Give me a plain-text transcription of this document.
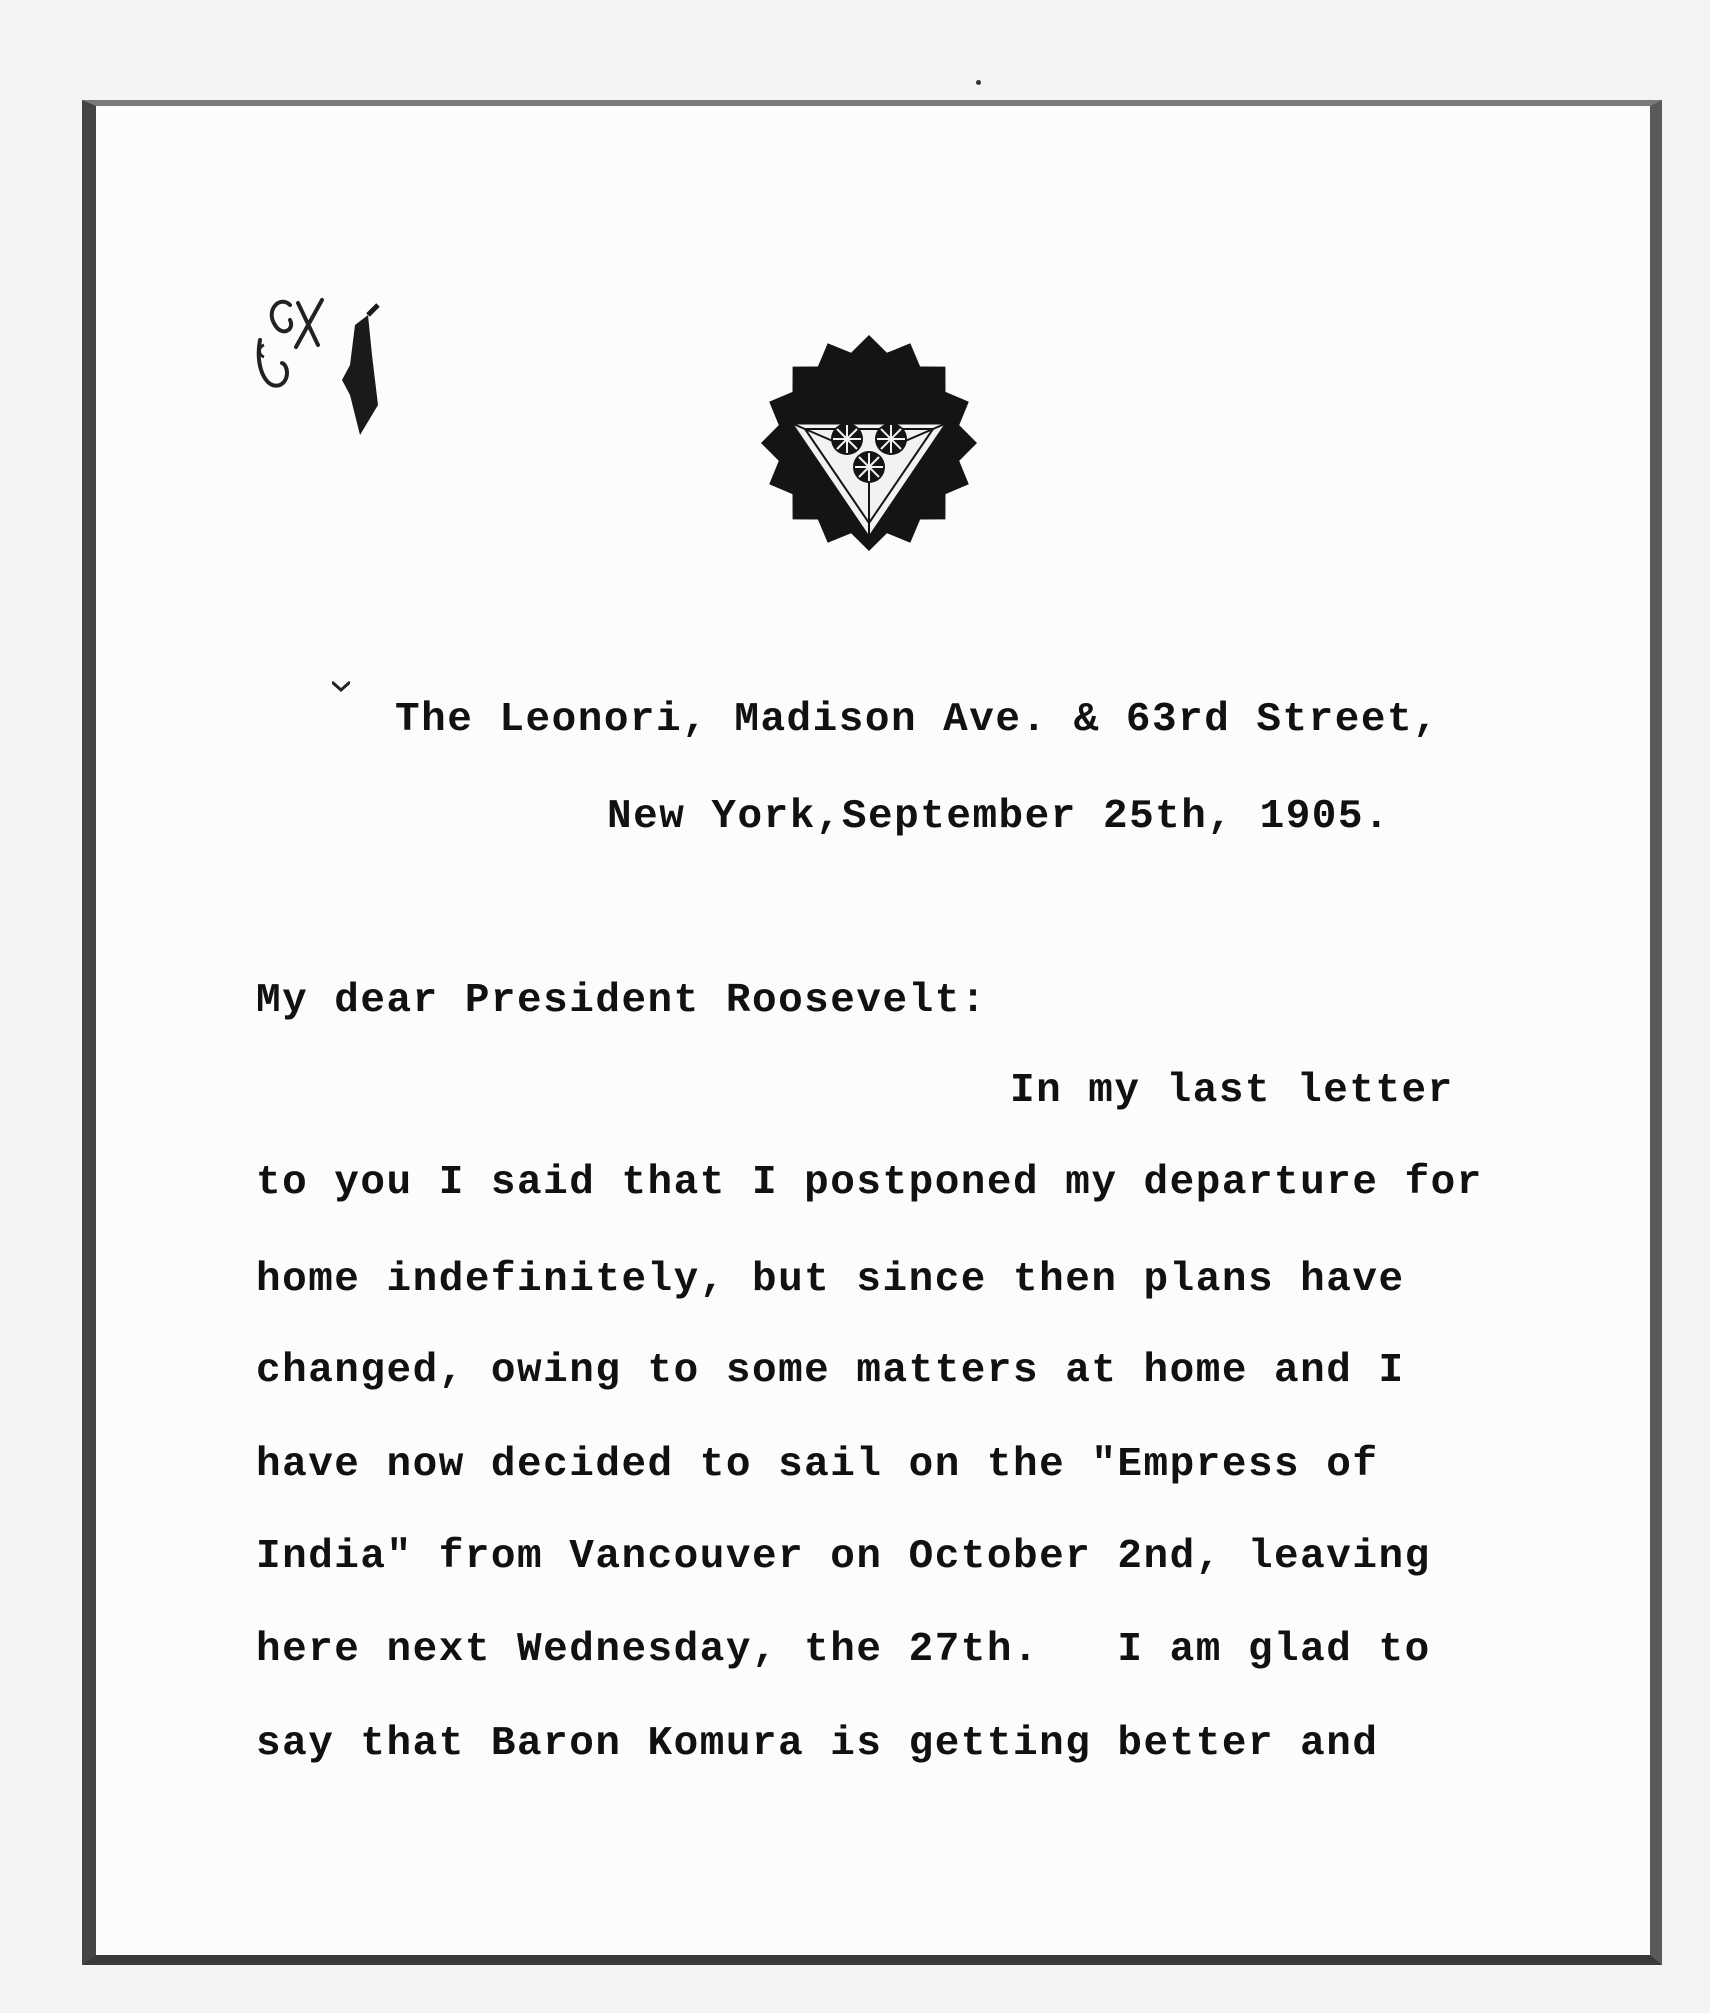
The Leonori, Madison Ave. & 63rd Street,
New York,September 25th, 1905.
My dear President Roosevelt:
In my last letter
to you I said that I postponed my departure for
home indefinitely, but since then plans have
changed, owing to some matters at home and I
have now decided to sail on the "Empress of
India" from Vancouver on October 2nd, leaving
here next Wednesday, the 27th.   I am glad to
say that Baron Komura is getting better and
